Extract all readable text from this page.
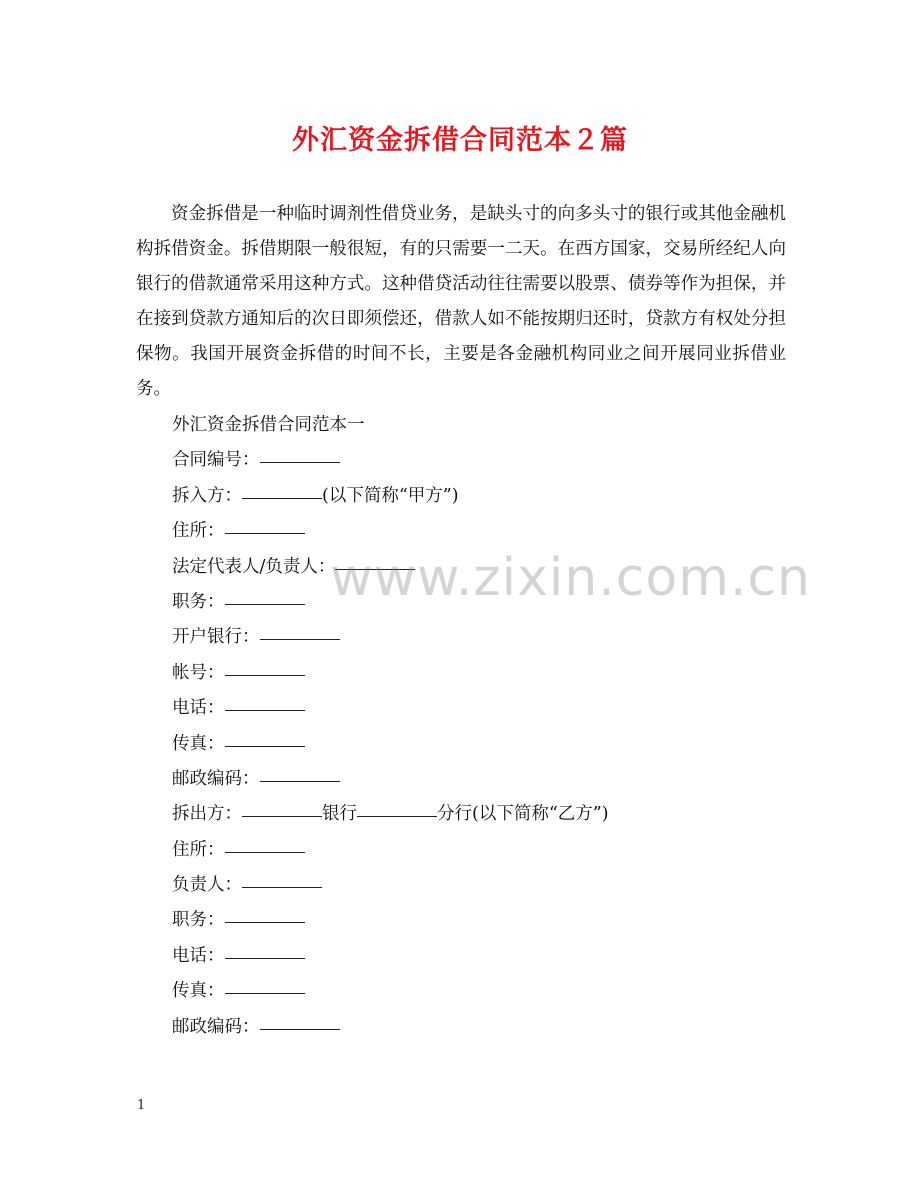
外汇资金拆借合同范本２篇
资金拆借是一种临时调剂性借贷业务，是缺头寸的向多头寸的银行或其他金融机构拆借资金。拆借期限一般很短，有的只需要一二天。在西方国家，交易所经纪人向银行的借款通常采用这种方式。这种借贷活动往往需要以股票、债券等作为担保，并在接到贷款方通知后的次日即须偿还，借款人如不能按期归还时，贷款方有权处分担保物。我国开展资金拆借的时间不长，主要是各金融机构同业之间开展同业拆借业务。
外汇资金拆借合同范本一
合同编号：
拆入方：	(以下简称“甲方”)
住所：
法定代表人/负责人：
职务：
开户银行：
帐号：
电话：
传真：
邮政编码：
拆出方：	银行	分行(以下简称“乙方”)
住所：
负责人：
职务：
电话：
传真：
邮政编码：
www.zixin.com.cn
1
